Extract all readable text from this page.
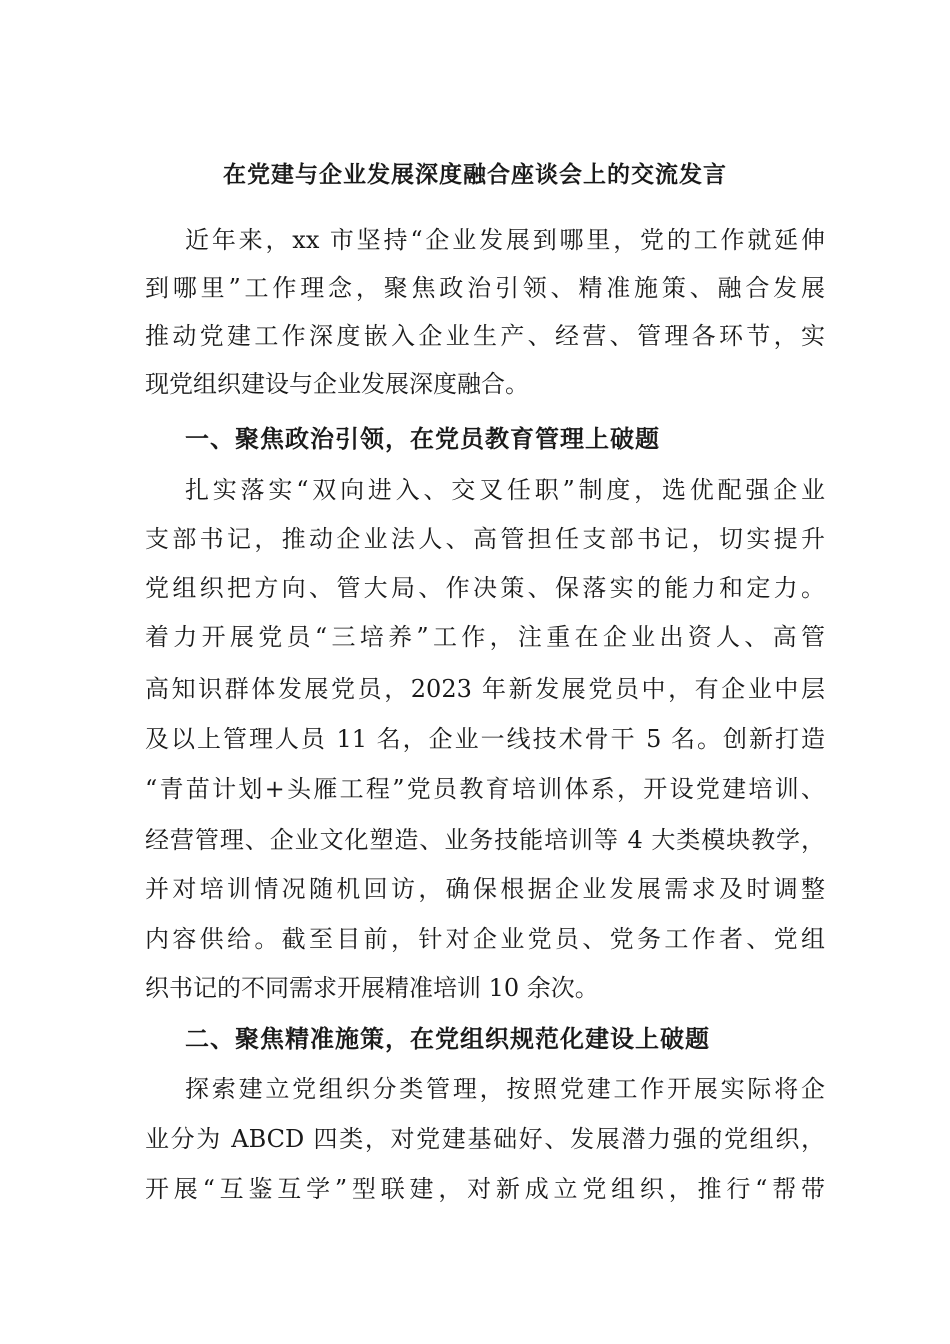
在党建与企业发展深度融合座谈会上的交流发言
近年来，xx 市坚持“企业发展到哪里，党的工作就延伸
到哪里”工作理念，聚焦政治引领、精准施策、融合发展
推动党建工作深度嵌入企业生产、经营、管理各环节，实
现党组织建设与企业发展深度融合。
一、聚焦政治引领，在党员教育管理上破题
扎实落实“双向进入、交叉任职”制度，选优配强企业
支部书记，推动企业法人、高管担任支部书记，切实提升
党组织把方向、管大局、作决策、保落实的能力和定力。
着力开展党员“三培养”工作，注重在企业出资人、高管
高知识群体发展党员，2023 年新发展党员中，有企业中层
及以上管理人员 11 名，企业一线技术骨干 5 名。创新打造
“青苗计划+头雁工程”党员教育培训体系，开设党建培训、
经营管理、企业文化塑造、业务技能培训等 4 大类模块教学，
并对培训情况随机回访，确保根据企业发展需求及时调整
内容供给。截至目前，针对企业党员、党务工作者、党组
织书记的不同需求开展精准培训 10 余次。
二、聚焦精准施策，在党组织规范化建设上破题
探索建立党组织分类管理，按照党建工作开展实际将企
业分为 ABCD 四类，对党建基础好、发展潜力强的党组织，
开展“互鉴互学”型联建，对新成立党组织，推行“帮带
